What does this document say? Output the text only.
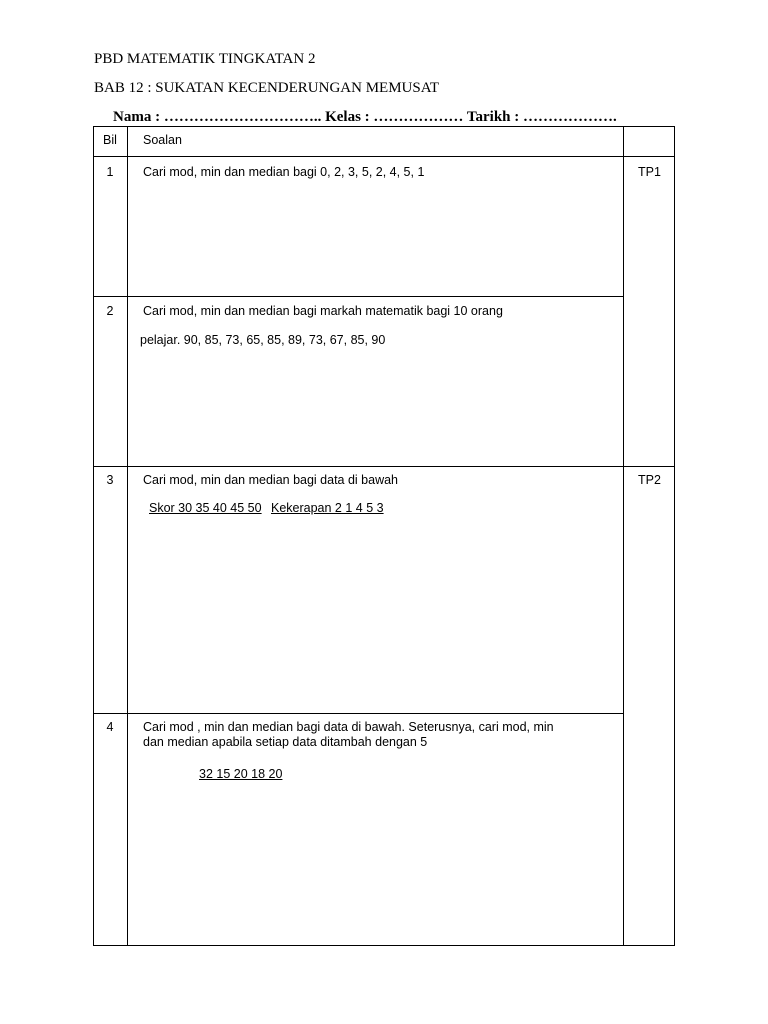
PBD MATEMATIK TINGKATAN 2
BAB 12 : SUKATAN KECENDERUNGAN MEMUSAT
Nama : ………………………….. Kelas : ……………… Tarikh : ……………….
Bil	Soalan
1	Cari mod, min dan median bagi 0, 2, 3, 5, 2, 4, 5, 1	TP1
2	Cari mod, min dan median bagi markah matematik bagi 10 orang
pelajar. 90, 85, 73, 65, 85, 89, 73, 67, 85, 90
3	Cari mod, min dan median bagi data di bawah	TP2
Skor 30 35 40 45 50 Kekerapan 2 1 4 5 3
4	Cari mod , min dan median bagi data di bawah. Seterusnya, cari mod, min
dan median apabila setiap data ditambah dengan 5
32 15 20 18 20
